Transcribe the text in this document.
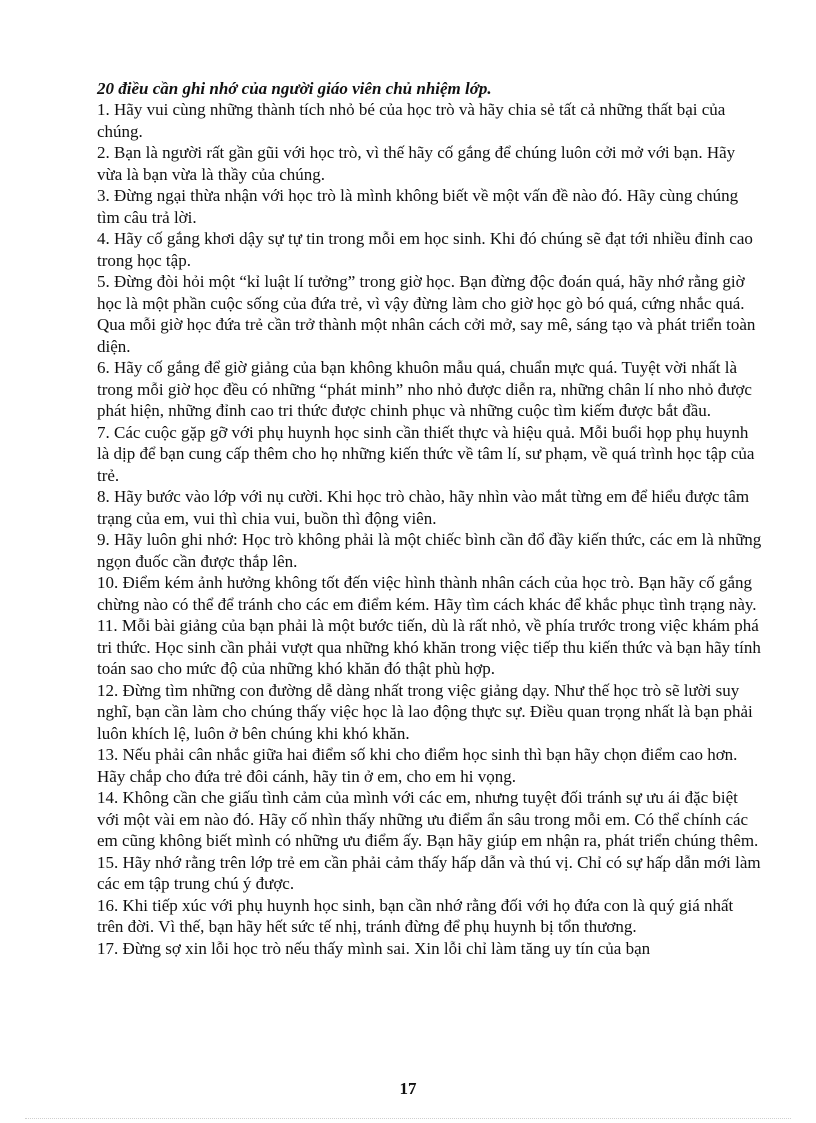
20 điều cần ghi nhớ của người giáo viên chủ nhiệm lớp.

1. Hãy vui cùng những thành tích nhỏ bé của học trò và hãy chia sẻ tất cả những thất bại của chúng.

2. Bạn là người rất gần gũi với học trò, vì thế hãy cố gắng để chúng luôn cởi mở với bạn. Hãy vừa là bạn vừa là thầy của chúng.

3. Đừng ngại thừa nhận với học trò là mình không biết về một vấn đề nào đó. Hãy cùng chúng tìm câu trả lời.

4. Hãy cố gắng khơi dậy sự tự tin trong mỗi em học sinh. Khi đó chúng sẽ đạt tới nhiều đỉnh cao trong học tập.

5. Đừng đòi hỏi một “kỉ luật lí tưởng” trong giờ học. Bạn đừng độc đoán quá, hãy nhớ rằng giờ học là một phần cuộc sống của đứa trẻ, vì vậy đừng làm cho giờ học gò bó quá, cứng nhắc quá. Qua mỗi giờ học đứa trẻ cần trở thành một nhân cách cởi mở, say mê, sáng tạo và phát triển toàn diện.

6. Hãy cố gắng để giờ giảng của bạn không khuôn mẫu quá, chuẩn mực quá. Tuyệt vời nhất là trong mỗi giờ học đều có những “phát minh” nho nhỏ được diễn ra, những chân lí nho nhỏ được phát hiện, những đỉnh cao tri thức được chinh phục và những cuộc tìm kiếm được bắt đầu.

7. Các cuộc gặp gỡ với phụ huynh học sinh cần thiết thực và hiệu quả. Mỗi buổi họp phụ huynh là dịp để bạn cung cấp thêm cho họ những kiến thức về tâm lí, sư phạm, về quá trình học tập của trẻ.

8. Hãy bước vào lớp với nụ cười. Khi học trò chào, hãy nhìn vào mắt từng em để hiểu được tâm trạng của em, vui thì chia vui, buồn thì động viên.

9. Hãy luôn ghi nhớ: Học trò không phải là một chiếc bình cần đổ đầy kiến thức, các em là những ngọn đuốc cần được thắp lên.

10. Điểm kém ảnh hưởng không tốt đến việc hình thành nhân cách của học trò. Bạn hãy cố gắng chừng nào có thể để tránh cho các em điểm kém. Hãy tìm cách khác để khắc phục tình trạng này.

11. Mỗi bài giảng của bạn phải là một bước tiến, dù là rất nhỏ, về phía trước trong việc khám phá tri thức. Học sinh cần phải vượt qua những khó khăn trong việc tiếp thu kiến thức và bạn hãy tính toán sao cho mức độ của những khó khăn đó thật phù hợp.

12. Đừng tìm những con đường dễ dàng nhất trong việc giảng dạy. Như thế học trò sẽ lười suy nghĩ, bạn cần làm cho chúng thấy việc học là lao động thực sự. Điều quan trọng nhất là bạn phải luôn khích lệ, luôn ở bên chúng khi khó khăn.

13. Nếu phải cân nhắc giữa hai điểm số khi cho điểm học sinh thì bạn hãy chọn điểm cao hơn. Hãy chắp cho đứa trẻ đôi cánh, hãy tin ở em, cho em hi vọng.

14. Không cần che giấu tình cảm của mình với các em, nhưng tuyệt đối tránh sự ưu ái đặc biệt với một vài em nào đó. Hãy cố nhìn thấy những ưu điểm ẩn sâu trong mỗi em. Có thể chính các em cũng không biết mình có những ưu điểm ấy. Bạn hãy giúp em nhận ra, phát triển chúng thêm.

15. Hãy nhớ rằng trên lớp trẻ em cần phải cảm thấy hấp dẫn và thú vị. Chỉ có sự hấp dẫn mới làm các em tập trung chú ý được.

16. Khi tiếp xúc với phụ huynh học sinh, bạn cần nhớ rằng đối với họ đứa con là quý giá nhất trên đời. Vì thế, bạn hãy hết sức tế nhị, tránh đừng để phụ huynh bị tổn thương.

17. Đừng sợ xin lỗi học trò nếu thấy mình sai. Xin lỗi chỉ làm tăng uy tín của bạn

17
